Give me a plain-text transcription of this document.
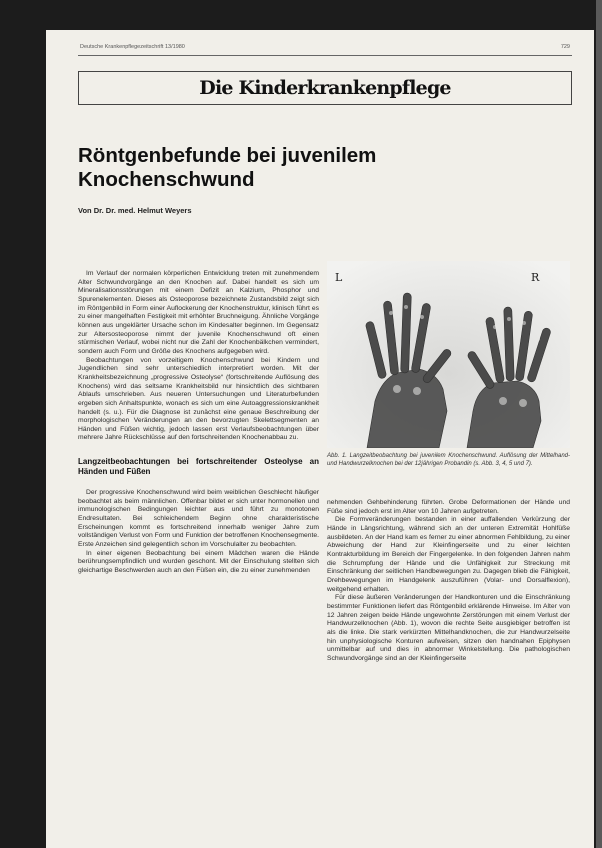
Deutsche Krankenpflegezeitschrift 13/1980	729
Die Kinderkrankenpflege
Röntgenbefunde bei juvenilem
Knochenschwund
Von Dr. Dr. med. Helmut Weyers

Im Verlauf der normalen körperlichen Entwicklung treten mit zunehmendem Alter Schwundvorgänge an den Knochen auf. Dabei handelt es sich um Mineralisationsstörungen mit einem Defizit an Kalzium, Phosphor und Spurenelementen. Dieses als Osteoporose bezeichnete Zustandsbild zeigt sich im Röntgenbild in Form einer Auflockerung der Knochenstruktur, klinisch führt es zu einer mangelhaften Festigkeit mit erhöhter Bruchneigung. Ähnliche Vorgänge können aus ungeklärter Ursache schon im Kindesalter beginnen. Im Gegensatz zur Altersosteoporose nimmt der juvenile Knochenschwund oft einen stürmischen Verlauf, wobei nicht nur die Zahl der Knochenbälkchen vermindert, sondern auch Form und Größe des Knochens aufgegeben wird.

Beobachtungen von vorzeitigem Knochenschwund bei Kindern und Jugendlichen sind sehr unterschiedlich interpretiert worden. Mit der Krankheitsbezeichnung „progressive Osteolyse“ (fortschreitende Auflösung des Knochens) wird das seltsame Krankheitsbild nur hinsichtlich des sichtbaren Ablaufs umschrieben. Aus neueren Untersuchungen und Literaturbefunden ergeben sich Anhaltspunkte, wonach es sich um eine Autoaggressionskrankheit handelt (s. u.). Für die Diagnose ist zunächst eine genaue Beschreibung der morphologischen Veränderungen an den bevorzugten Skelettsegmenten an Händen und Füßen wichtig, jedoch lassen erst Verlaufsbeobachtungen über mehrere Jahre Rückschlüsse auf den fortschreitenden Knochenabbau zu.

Langzeitbeobachtungen bei fortschreitender Osteolyse an Händen und Füßen

Der progressive Knochenschwund wird beim weiblichen Geschlecht häufiger beobachtet als beim männlichen. Offenbar bildet er sich unter hormonellen und immunologischen Bedingungen leichter aus und führt zu monotonen Endresultaten. Bei schleichendem Beginn ohne charakteristische Erscheinungen kommt es fortschreitend innerhalb weniger Jahre zum vollständigen Verlust von Form und Funktion der betroffenen Knochensegmente. Erste Anzeichen sind gelegentlich schon im Vorschulalter zu beobachten.

In einer eigenen Beobachtung bei einem Mädchen waren die Hände berührungsempfindlich und wurden geschont. Mit der Einschulung stellten sich gleichartige Beschwerden auch an den Füßen ein, die zu einer zunehmenden

L	R
Abb. 1. Langzeitbeobachtung bei juvenilem Knochenschwund. Auflösung der Mittelhand- und Handwurzelknochen bei der 12jährigen Probandin (s. Abb. 3, 4, 5 und 7).

nehmenden Gehbehinderung führten. Grobe Deformationen der Hände und Füße sind jedoch erst im Alter von 10 Jahren aufgetreten.

Die Formveränderungen bestanden in einer auffallenden Verkürzung der Hände in Längsrichtung, während sich an der unteren Extremität Hohlfüße ausbildeten. An der Hand kam es ferner zu einer abnormen Fehlbildung, zu einer Abweichung der Hand zur Kleinfingerseite und zu einer leichten Kontrakturbildung im Bereich der Fingergelenke. In den folgenden Jahren nahm die Schrumpfung der Hände und die Unfähigkeit zur Streckung mit Einschränkung der seitlichen Handbewegungen zu. Dagegen blieb die Fähigkeit, Drehbewegungen im Handgelenk auszuführen (Volar- und Dorsalflexion), weitgehend erhalten.

Für diese äußeren Veränderungen der Handkonturen und die Einschränkung bestimmter Funktionen liefert das Röntgenbild erklärende Hinweise. Im Alter von 12 Jahren zeigen beide Hände ungewohnte Zerstörungen mit einem Verlust der Handwurzelknochen (Abb. 1), wovon die rechte Seite ausgiebiger betroffen ist als die linke. Die stark verkürzten Mittelhandknochen, die zur Handwurzelseite hin unphysiologische Konturen aufweisen, sitzen den handnahen Epiphysen unmittelbar auf und dies in abnormer Winkelstellung. Die pathologischen Schwundvorgänge sind an der Kleinfingerseite
